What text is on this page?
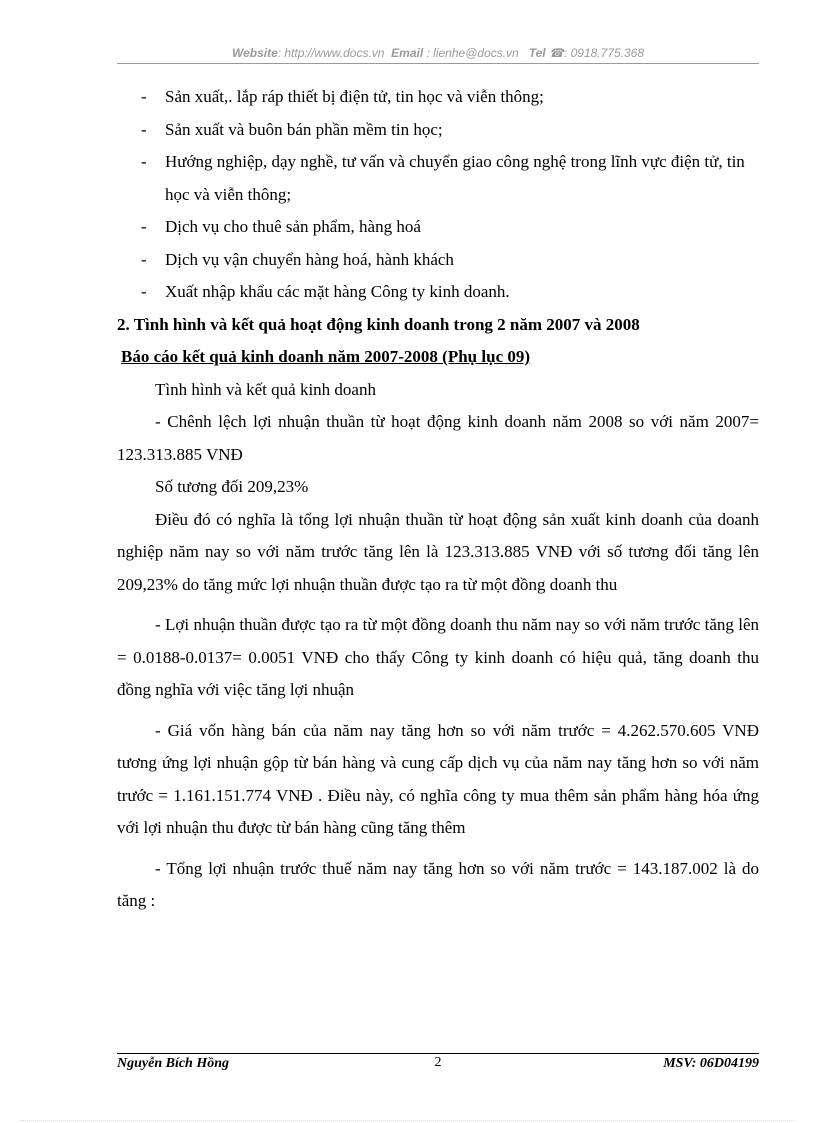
Website: http://www.docs.vn Email : lienhe@docs.vn Tel ☎: 0918.775.368
- Sản xuất,. lắp ráp thiết bị điện tử, tin học và viễn thông;
- Sản xuất và buôn bán phần mềm tin học;
- Hướng nghiệp, dạy nghề, tư vấn và chuyển giao công nghệ trong lĩnh vực điện tử, tin học và viễn thông;
- Dịch vụ cho thuê sản phẩm, hàng hoá
- Dịch vụ vận chuyển hàng hoá, hành khách
- Xuất nhập khẩu các mặt hàng Công ty kinh doanh.
2. Tình hình và kết quả hoạt động kinh doanh trong 2 năm 2007 và 2008
Báo cáo kết quả kinh doanh năm 2007-2008 (Phụ lục 09)
Tình hình và kết quả kinh doanh
- Chênh lệch lợi nhuận thuần từ hoạt động kinh doanh năm 2008 so với năm 2007= 123.313.885 VNĐ
Số tương đối 209,23%
Điều đó có nghĩa là tổng lợi nhuận thuần từ hoạt động sản xuất kinh doanh của doanh nghiệp năm nay so với năm trước tăng lên là 123.313.885 VNĐ với số tương đối tăng lên 209,23% do tăng mức lợi nhuận thuần được tạo ra từ một đồng doanh thu
- Lợi nhuận thuần được tạo ra từ một đồng doanh thu năm nay so với năm trước tăng lên = 0.0188-0.0137= 0.0051 VNĐ cho thấy Công ty kinh doanh có hiệu quả, tăng doanh thu đồng nghĩa với việc tăng lợi nhuận
- Giá vốn hàng bán của năm nay tăng hơn so với năm trước = 4.262.570.605 VNĐ tương ứng lợi nhuận gộp từ bán hàng và cung cấp dịch vụ của năm nay tăng hơn so với năm trước = 1.161.151.774 VNĐ . Điều này, có nghĩa công ty mua thêm sản phẩm hàng hóa ứng với lợi nhuận thu được từ bán hàng cũng tăng thêm
- Tổng lợi nhuận trước thuế năm nay tăng hơn so với năm trước = 143.187.002 là do tăng :
Nguyễn Bích Hồng	2	MSV: 06D04199
